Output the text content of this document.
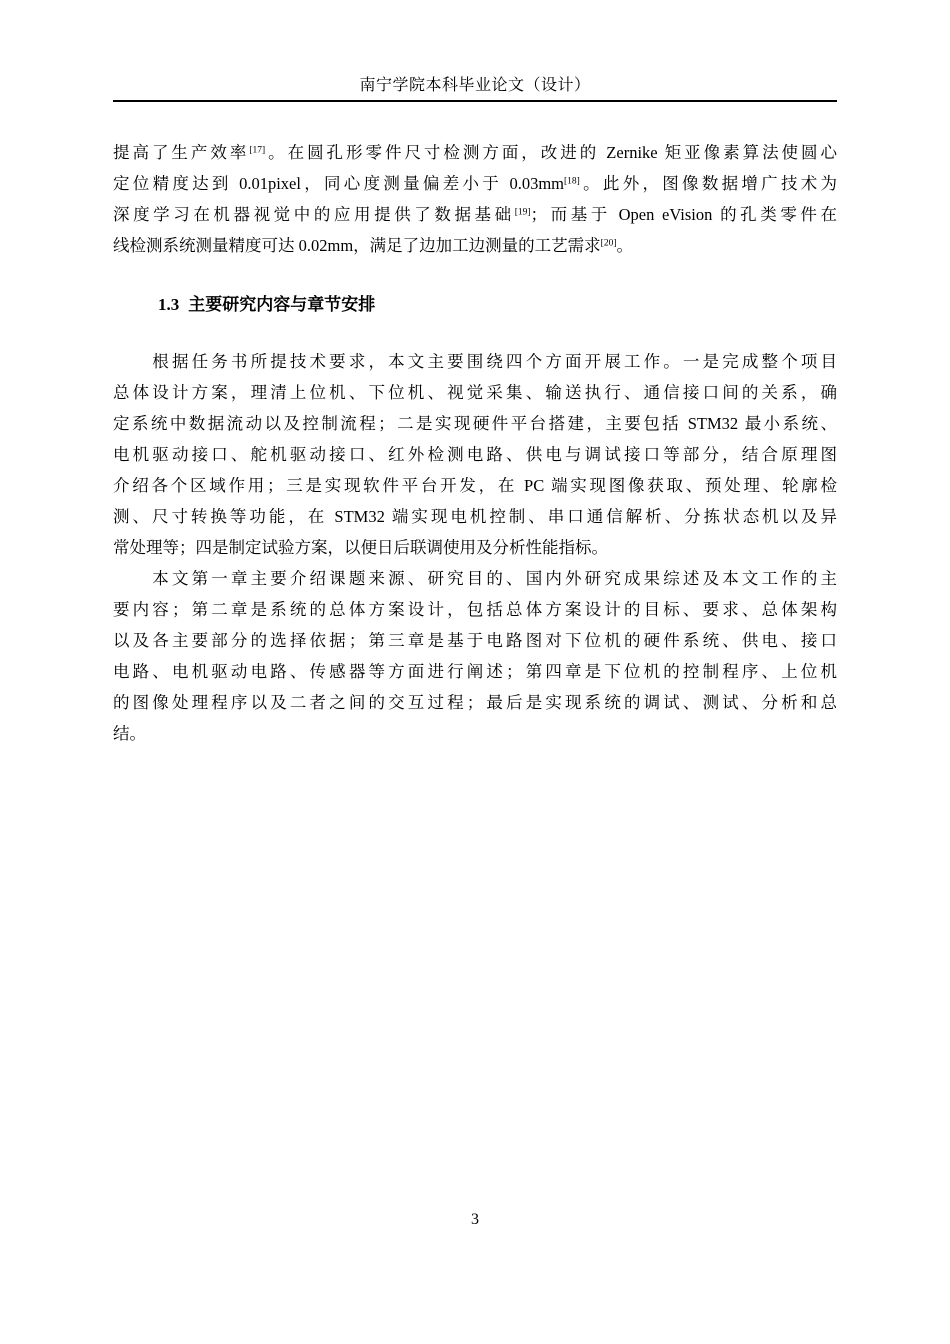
南宁学院本科毕业论文（设计）

提高了生产效率[17]。在圆孔形零件尺寸检测方面，改进的 Zernike 矩亚像素算法使圆心
定位精度达到 0.01pixel，同心度测量偏差小于 0.03mm[18]。此外，图像数据增广技术为
深度学习在机器视觉中的应用提供了数据基础[19]；而基于 Open eVision 的孔类零件在
线检测系统测量精度可达 0.02mm，满足了边加工边测量的工艺需求[20]。

1.3 主要研究内容与章节安排

　　根据任务书所提技术要求，本文主要围绕四个方面开展工作。一是完成整个项目
总体设计方案，理清上位机、下位机、视觉采集、输送执行、通信接口间的关系，确
定系统中数据流动以及控制流程；二是实现硬件平台搭建，主要包括 STM32 最小系统、
电机驱动接口、舵机驱动接口、红外检测电路、供电与调试接口等部分，结合原理图
介绍各个区域作用；三是实现软件平台开发，在 PC 端实现图像获取、预处理、轮廓检
测、尺寸转换等功能，在 STM32 端实现电机控制、串口通信解析、分拣状态机以及异
常处理等；四是制定试验方案，以便日后联调使用及分析性能指标。

　　本文第一章主要介绍课题来源、研究目的、国内外研究成果综述及本文工作的主
要内容；第二章是系统的总体方案设计，包括总体方案设计的目标、要求、总体架构
以及各主要部分的选择依据；第三章是基于电路图对下位机的硬件系统、供电、接口
电路、电机驱动电路、传感器等方面进行阐述；第四章是下位机的控制程序、上位机
的图像处理程序以及二者之间的交互过程；最后是实现系统的调试、测试、分析和总
结。

3
